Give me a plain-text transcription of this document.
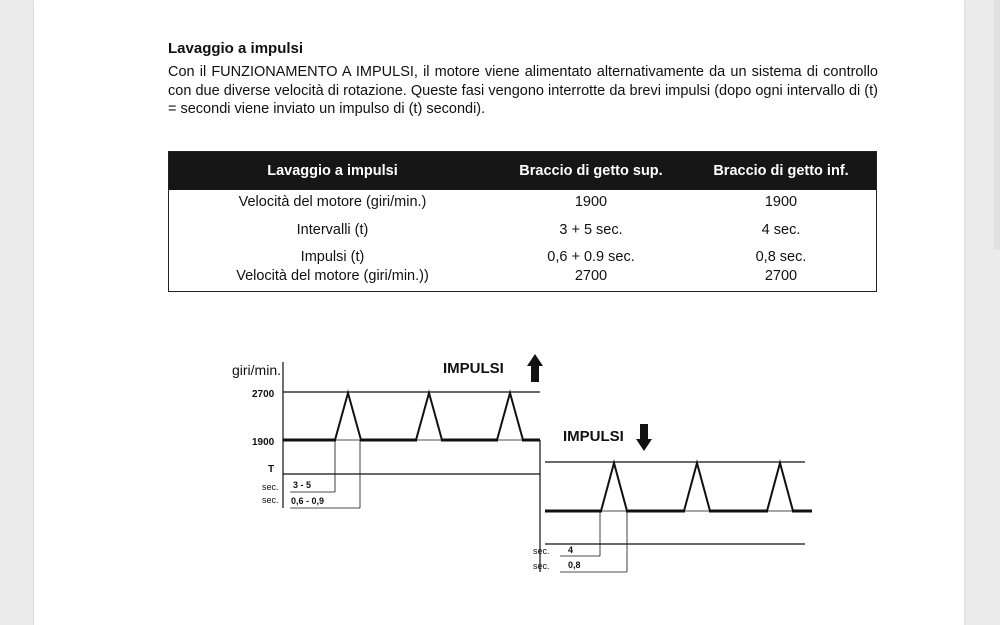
Lavaggio a impulsi
Con il FUNZIONAMENTO A IMPULSI, il motore viene alimentato alternativamente da un sistema di controllo con due diverse velocità di rotazione. Queste fasi vengono interrotte da brevi impulsi (dopo ogni intervallo di (t) = secondi viene inviato un impulso di (t) secondi).
Lavaggio a impulsi	Braccio di getto sup.	Braccio di getto inf.
Velocità del motore (giri/min.)	1900	1900
Intervalli (t)	3 + 5 sec.	4 sec.
Impulsi (t)	0,6 + 0.9 sec.	0,8 sec.
Velocità del motore (giri/min.))	2700	2700
giri/min.
2700
1900
T
IMPULSI
IMPULSI
sec.
sec.
3 - 5
0,6 - 0,9
sec.
sec.
4
0,8
